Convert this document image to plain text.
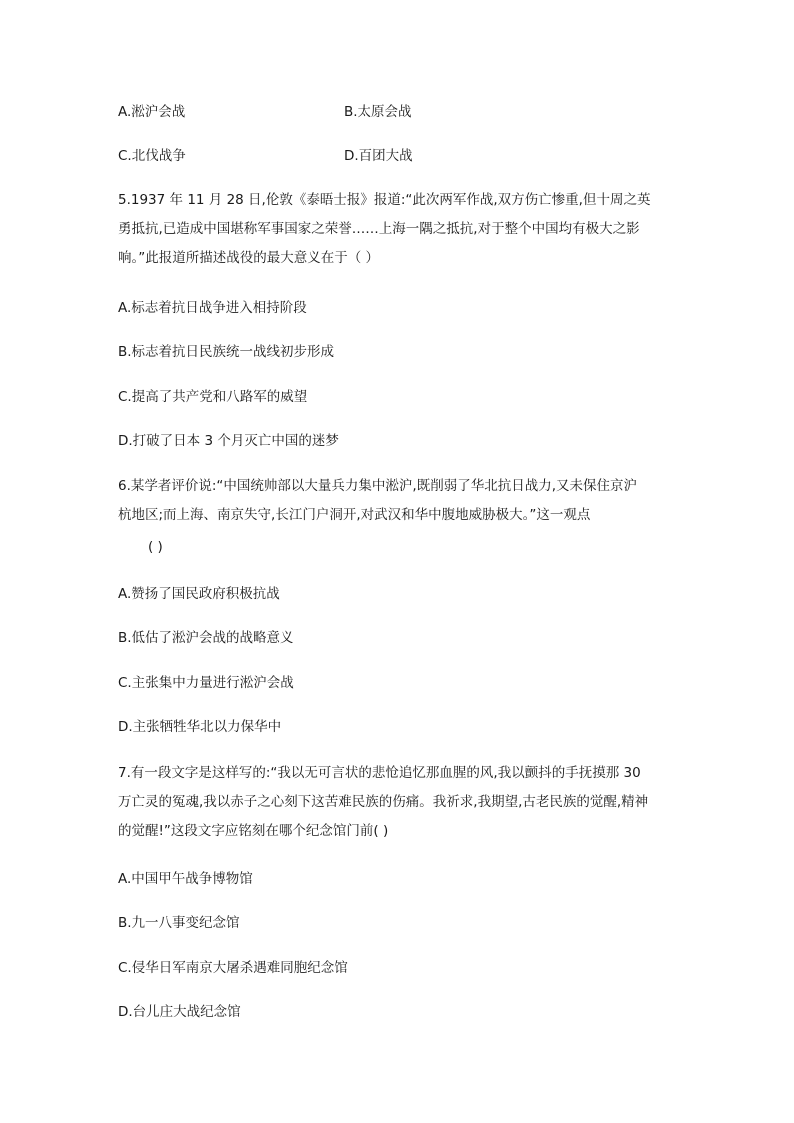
A.淞沪会战	B.太原会战
C.北伐战争	D.百团大战
5.1937 年 11 月 28 日,伦敦《泰晤士报》报道:“此次两军作战,双方伤亡惨重,但十周之英
勇抵抗,已造成中国堪称军事国家之荣誉……上海一隅之抵抗,对于整个中国均有极大之影
响。”此报道所描述战役的最大意义在于（ ）
A.标志着抗日战争进入相持阶段
B.标志着抗日民族统一战线初步形成
C.提高了共产党和八路军的威望
D.打破了日本 3 个月灭亡中国的迷梦
6.某学者评价说:“中国统帅部以大量兵力集中淞沪,既削弱了华北抗日战力,又未保住京沪
杭地区;而上海、南京失守,长江门户洞开,对武汉和华中腹地威胁极大。”这一观点
( )
A.赞扬了国民政府积极抗战
B.低估了淞沪会战的战略意义
C.主张集中力量进行淞沪会战
D.主张牺牲华北以力保华中
7.有一段文字是这样写的:“我以无可言状的悲怆追忆那血腥的风,我以颤抖的手抚摸那 30
万亡灵的冤魂,我以赤子之心刻下这苦难民族的伤痛。我祈求,我期望,古老民族的觉醒,精神
的觉醒!”这段文字应铭刻在哪个纪念馆门前( )
A.中国甲午战争博物馆
B.九一八事变纪念馆
C.侵华日军南京大屠杀遇难同胞纪念馆
D.台儿庄大战纪念馆
